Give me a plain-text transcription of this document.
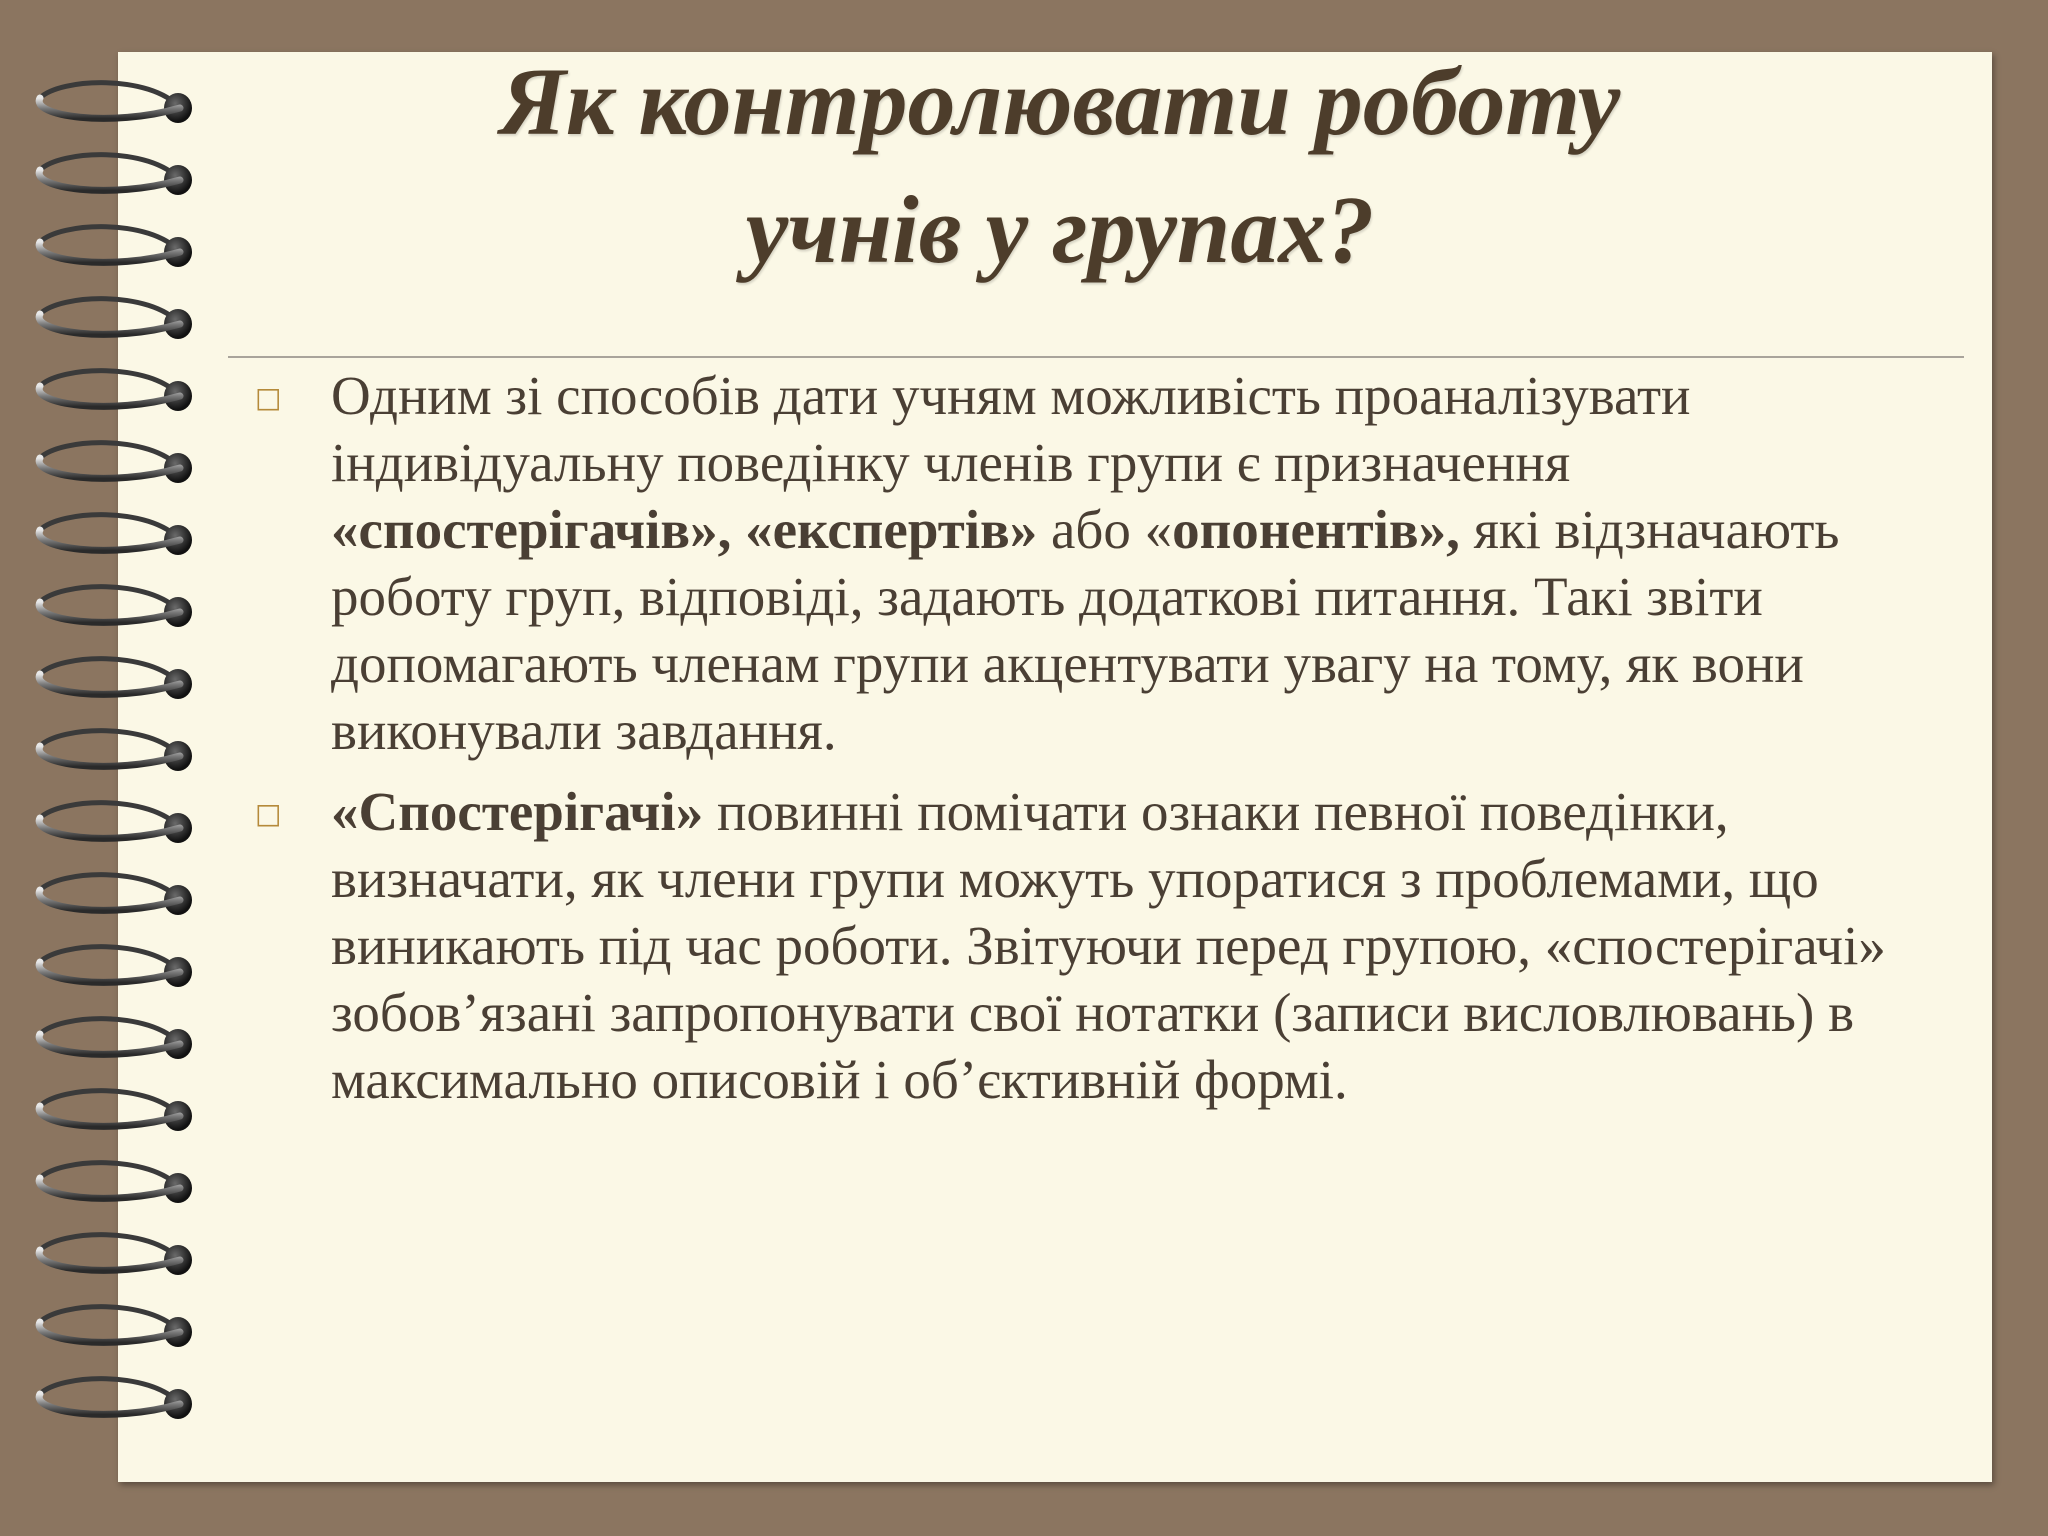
Як контролювати роботу
учнів у групах?
□ Одним зі способів дати учням можливість проаналізувати індивідуальну поведінку членів групи є призначення «спостерігачів», «експертів» або «опонентів», які відзначають роботу груп, відповіді, задають додаткові питання. Такі звіти допомагають членам групи акцентувати увагу на тому, як вони виконували завдання.
□ «Спостерігачі» повинні помічати ознаки певної поведінки, визначати, як члени групи можуть упоратися з проблемами, що виникають під час роботи. Звітуючи перед групою, «спостерігачі» зобов’язані запропонувати свої нотатки (записи висловлювань) в максимально описовій і об’єктивній формі.
